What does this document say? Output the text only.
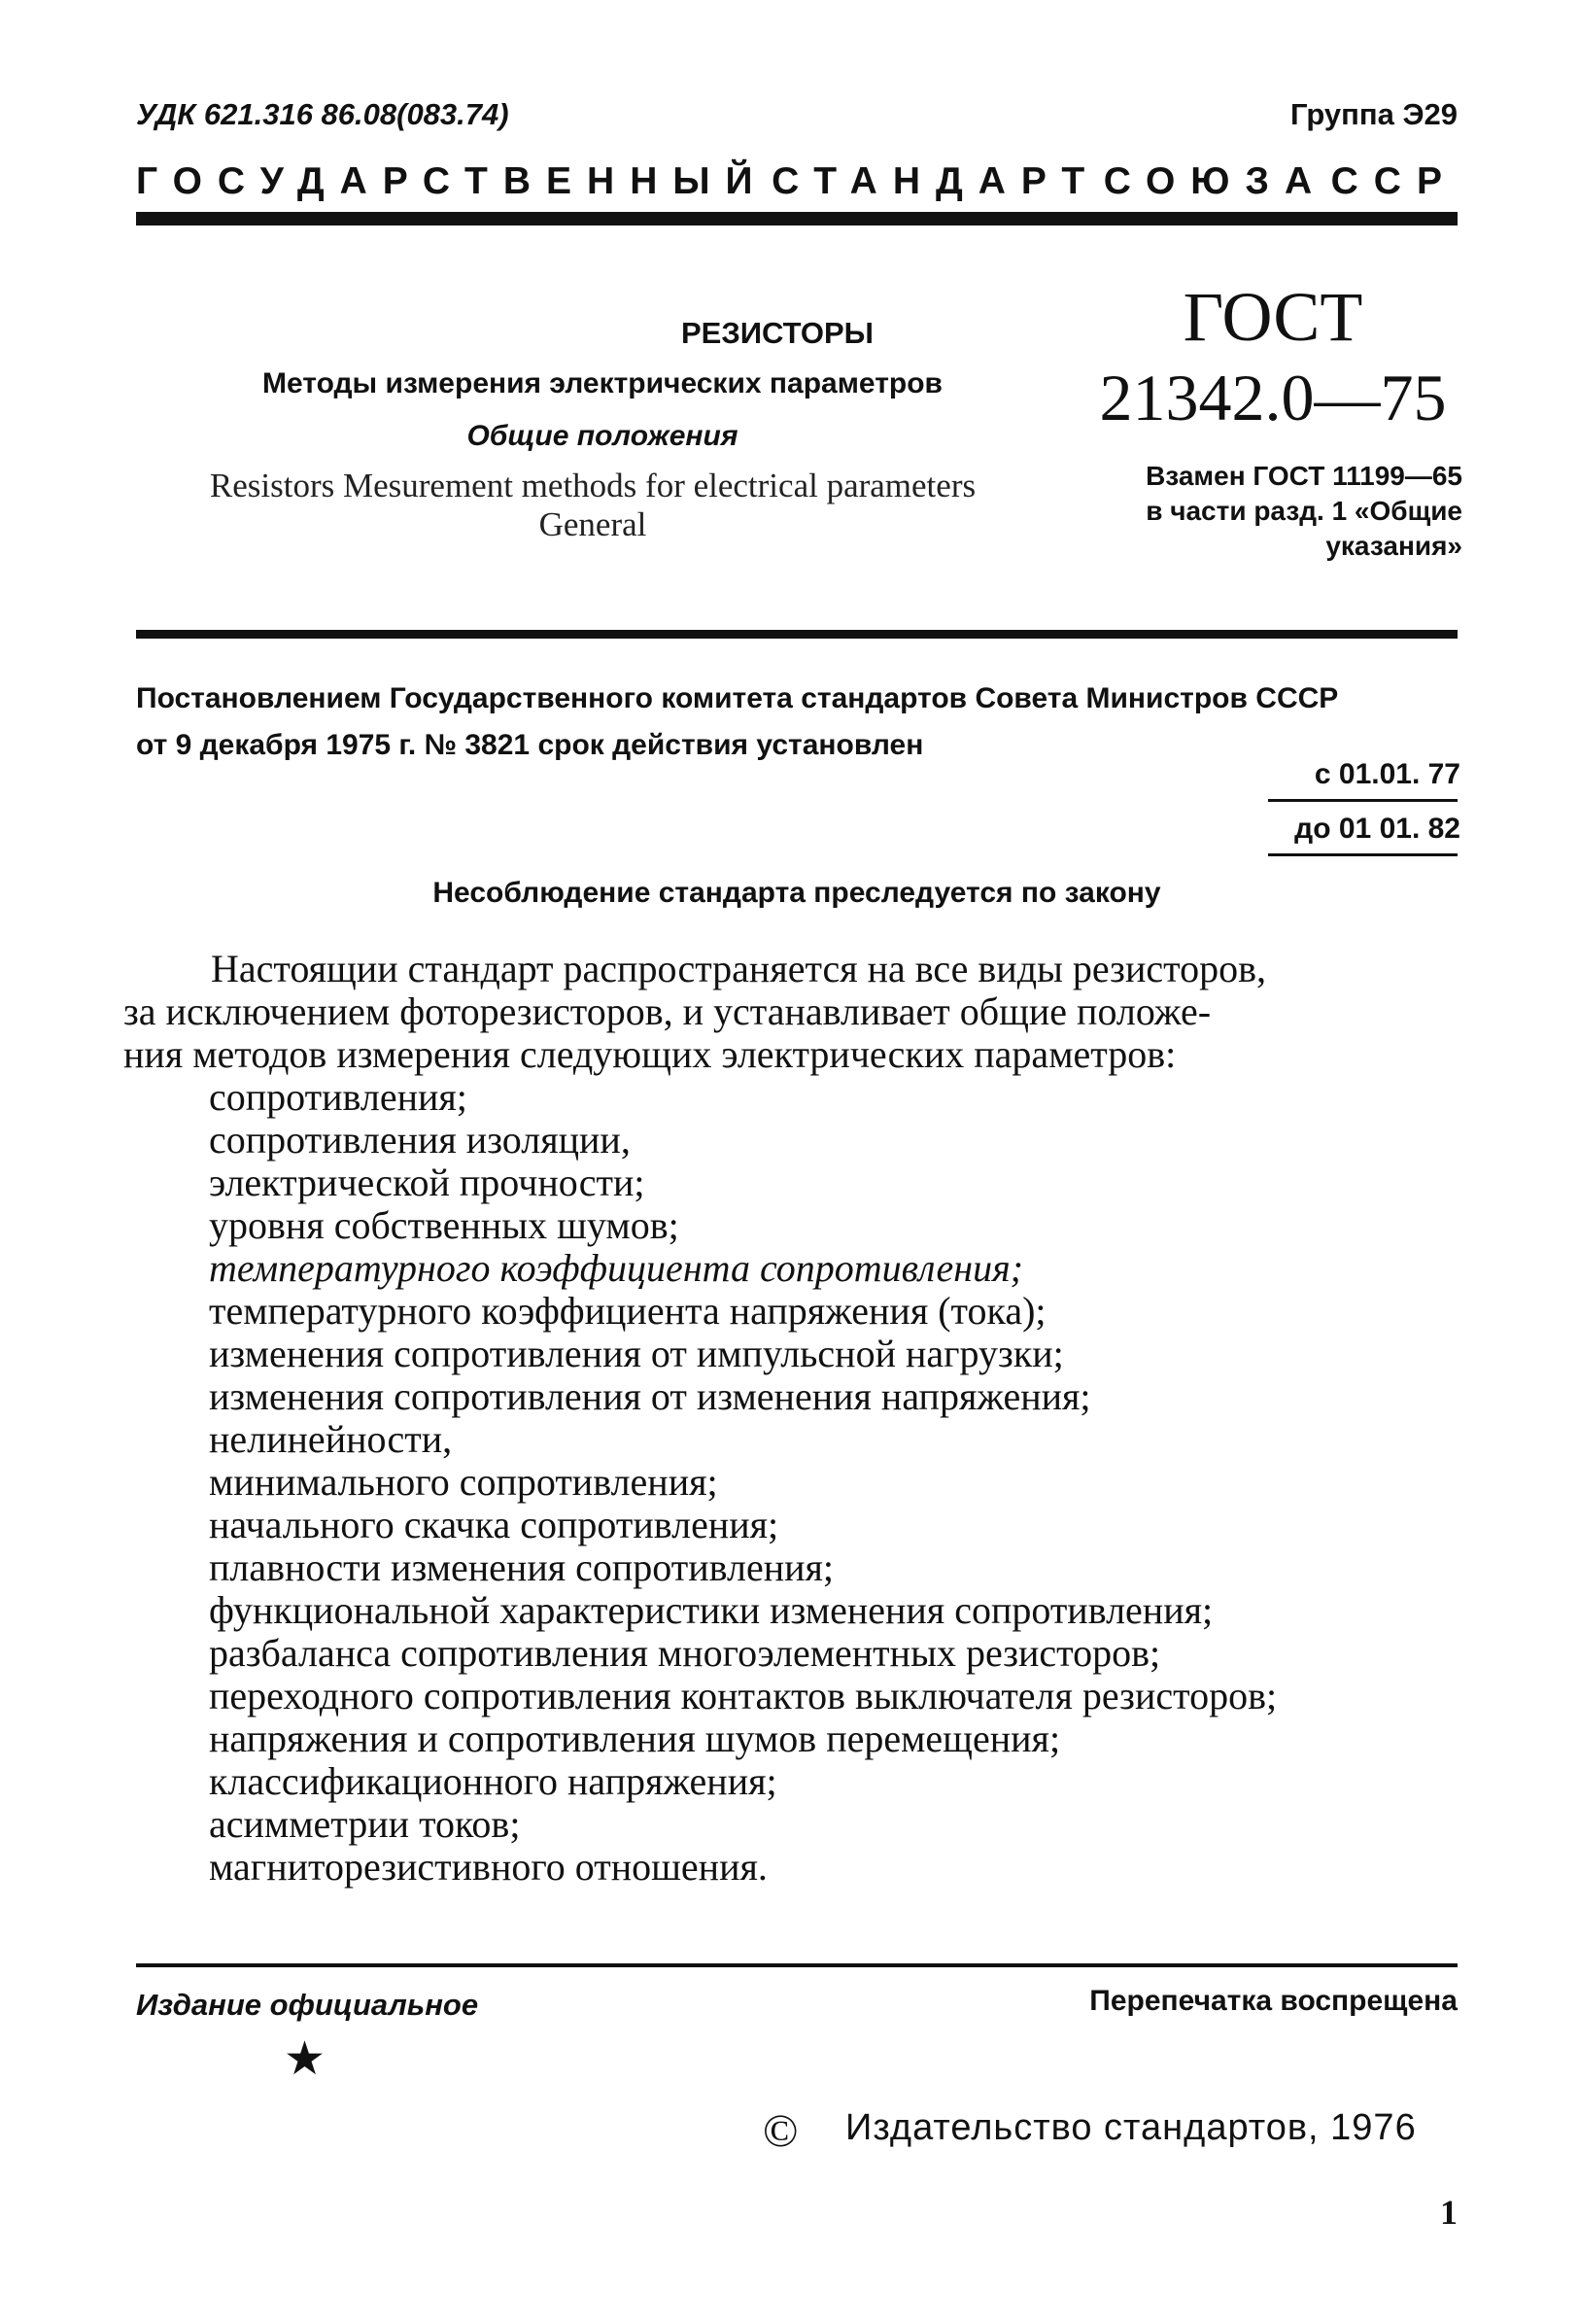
УДК 621.316 86.08(083.74)	Группа Э29
ГОСУДАРСТВЕННЫЙ СТАНДАРТ СОЮЗА ССР
РЕЗИСТОРЫ
Методы измерения электрических параметров
Общие положения
Resistors Mesurement methods for electrical parameters
General
ГОСТ
21342.0—75
Взамен ГОСТ 11199—65
в части разд. 1 «Общие
указания»
Постановлением Государственного комитета стандартов Совета Министров СССР
от 9 декабря 1975 г. № 3821 срок действия установлен
с 01.01. 77
до 01 01. 82
Несоблюдение стандарта преследуется по закону
Настоящии стандарт распространяется на все виды резисторов,
за исключением фоторезисторов, и устанавливает общие положе-
ния методов измерения следующих электрических параметров:
сопротивления;
сопротивления изоляции,
электрической прочности;
уровня собственных шумов;
температурного коэффициента сопротивления;
температурного коэффициента напряжения (тока);
изменения сопротивления от импульсной нагрузки;
изменения сопротивления от изменения напряжения;
нелинейности,
минимального сопротивления;
начального скачка сопротивления;
плавности изменения сопротивления;
функциональной характеристики изменения сопротивления;
разбаланса сопротивления многоэлементных резисторов;
переходного сопротивления контактов выключателя резисторов;
напряжения и сопротивления шумов перемещения;
классификационного напряжения;
асимметрии токов;
магниторезистивного отношения.
Издание официальное	Перепечатка воспрещена
★
© Издательство стандартов, 1976
1
